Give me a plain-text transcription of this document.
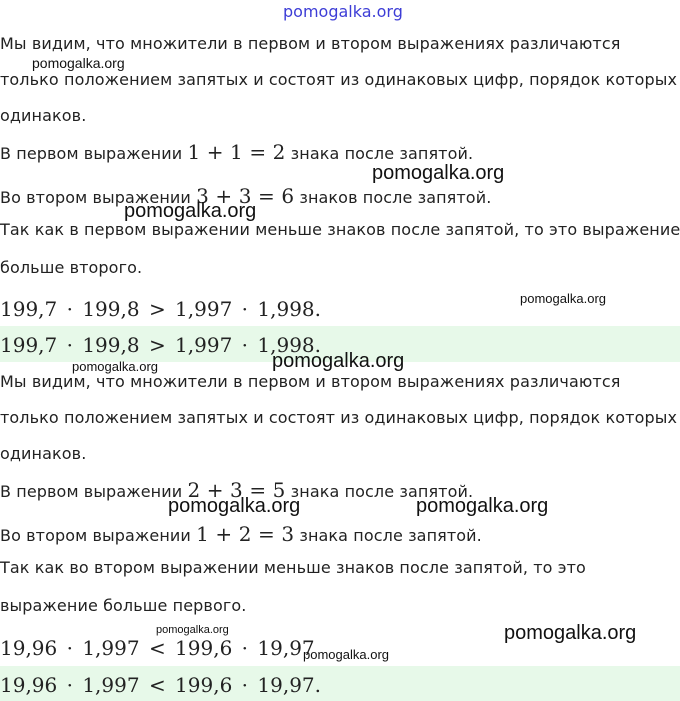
Мы видим, что множители в первом и втором выражениях различаются
только положением запятых и состоят из одинаковых цифр, порядок которых
одинаков.
В первом выражении 1 + 1 = 2 знака после запятой.
Во втором выражении 3 + 3 = 6 знаков после запятой.
Так как в первом выражении меньше знаков после запятой, то это выражение
больше второго.
199,7 · 199,8 > 1,997 · 1,998.
199,7 · 199,8 > 1,997 · 1,998.
Мы видим, что множители в первом и втором выражениях различаются
только положением запятых и состоят из одинаковых цифр, порядок которых
одинаков.
В первом выражении 2 + 3 = 5 знака после запятой.
Во втором выражении 1 + 2 = 3 знака после запятой.
Так как во втором выражении меньше знаков после запятой, то это
выражение больше первого.
19,96 · 1,997 < 199,6 · 19,97
19,96 · 1,997 < 199,6 · 19,97.
pomogalka.org
pomogalka.org
pomogalka.org
pomogalka.org
pomogalka.org
pomogalka.org
pomogalka.org
pomogalka.org	pomogalka.org
pomogalka.org
pomogalka.org
pomogalka.org
